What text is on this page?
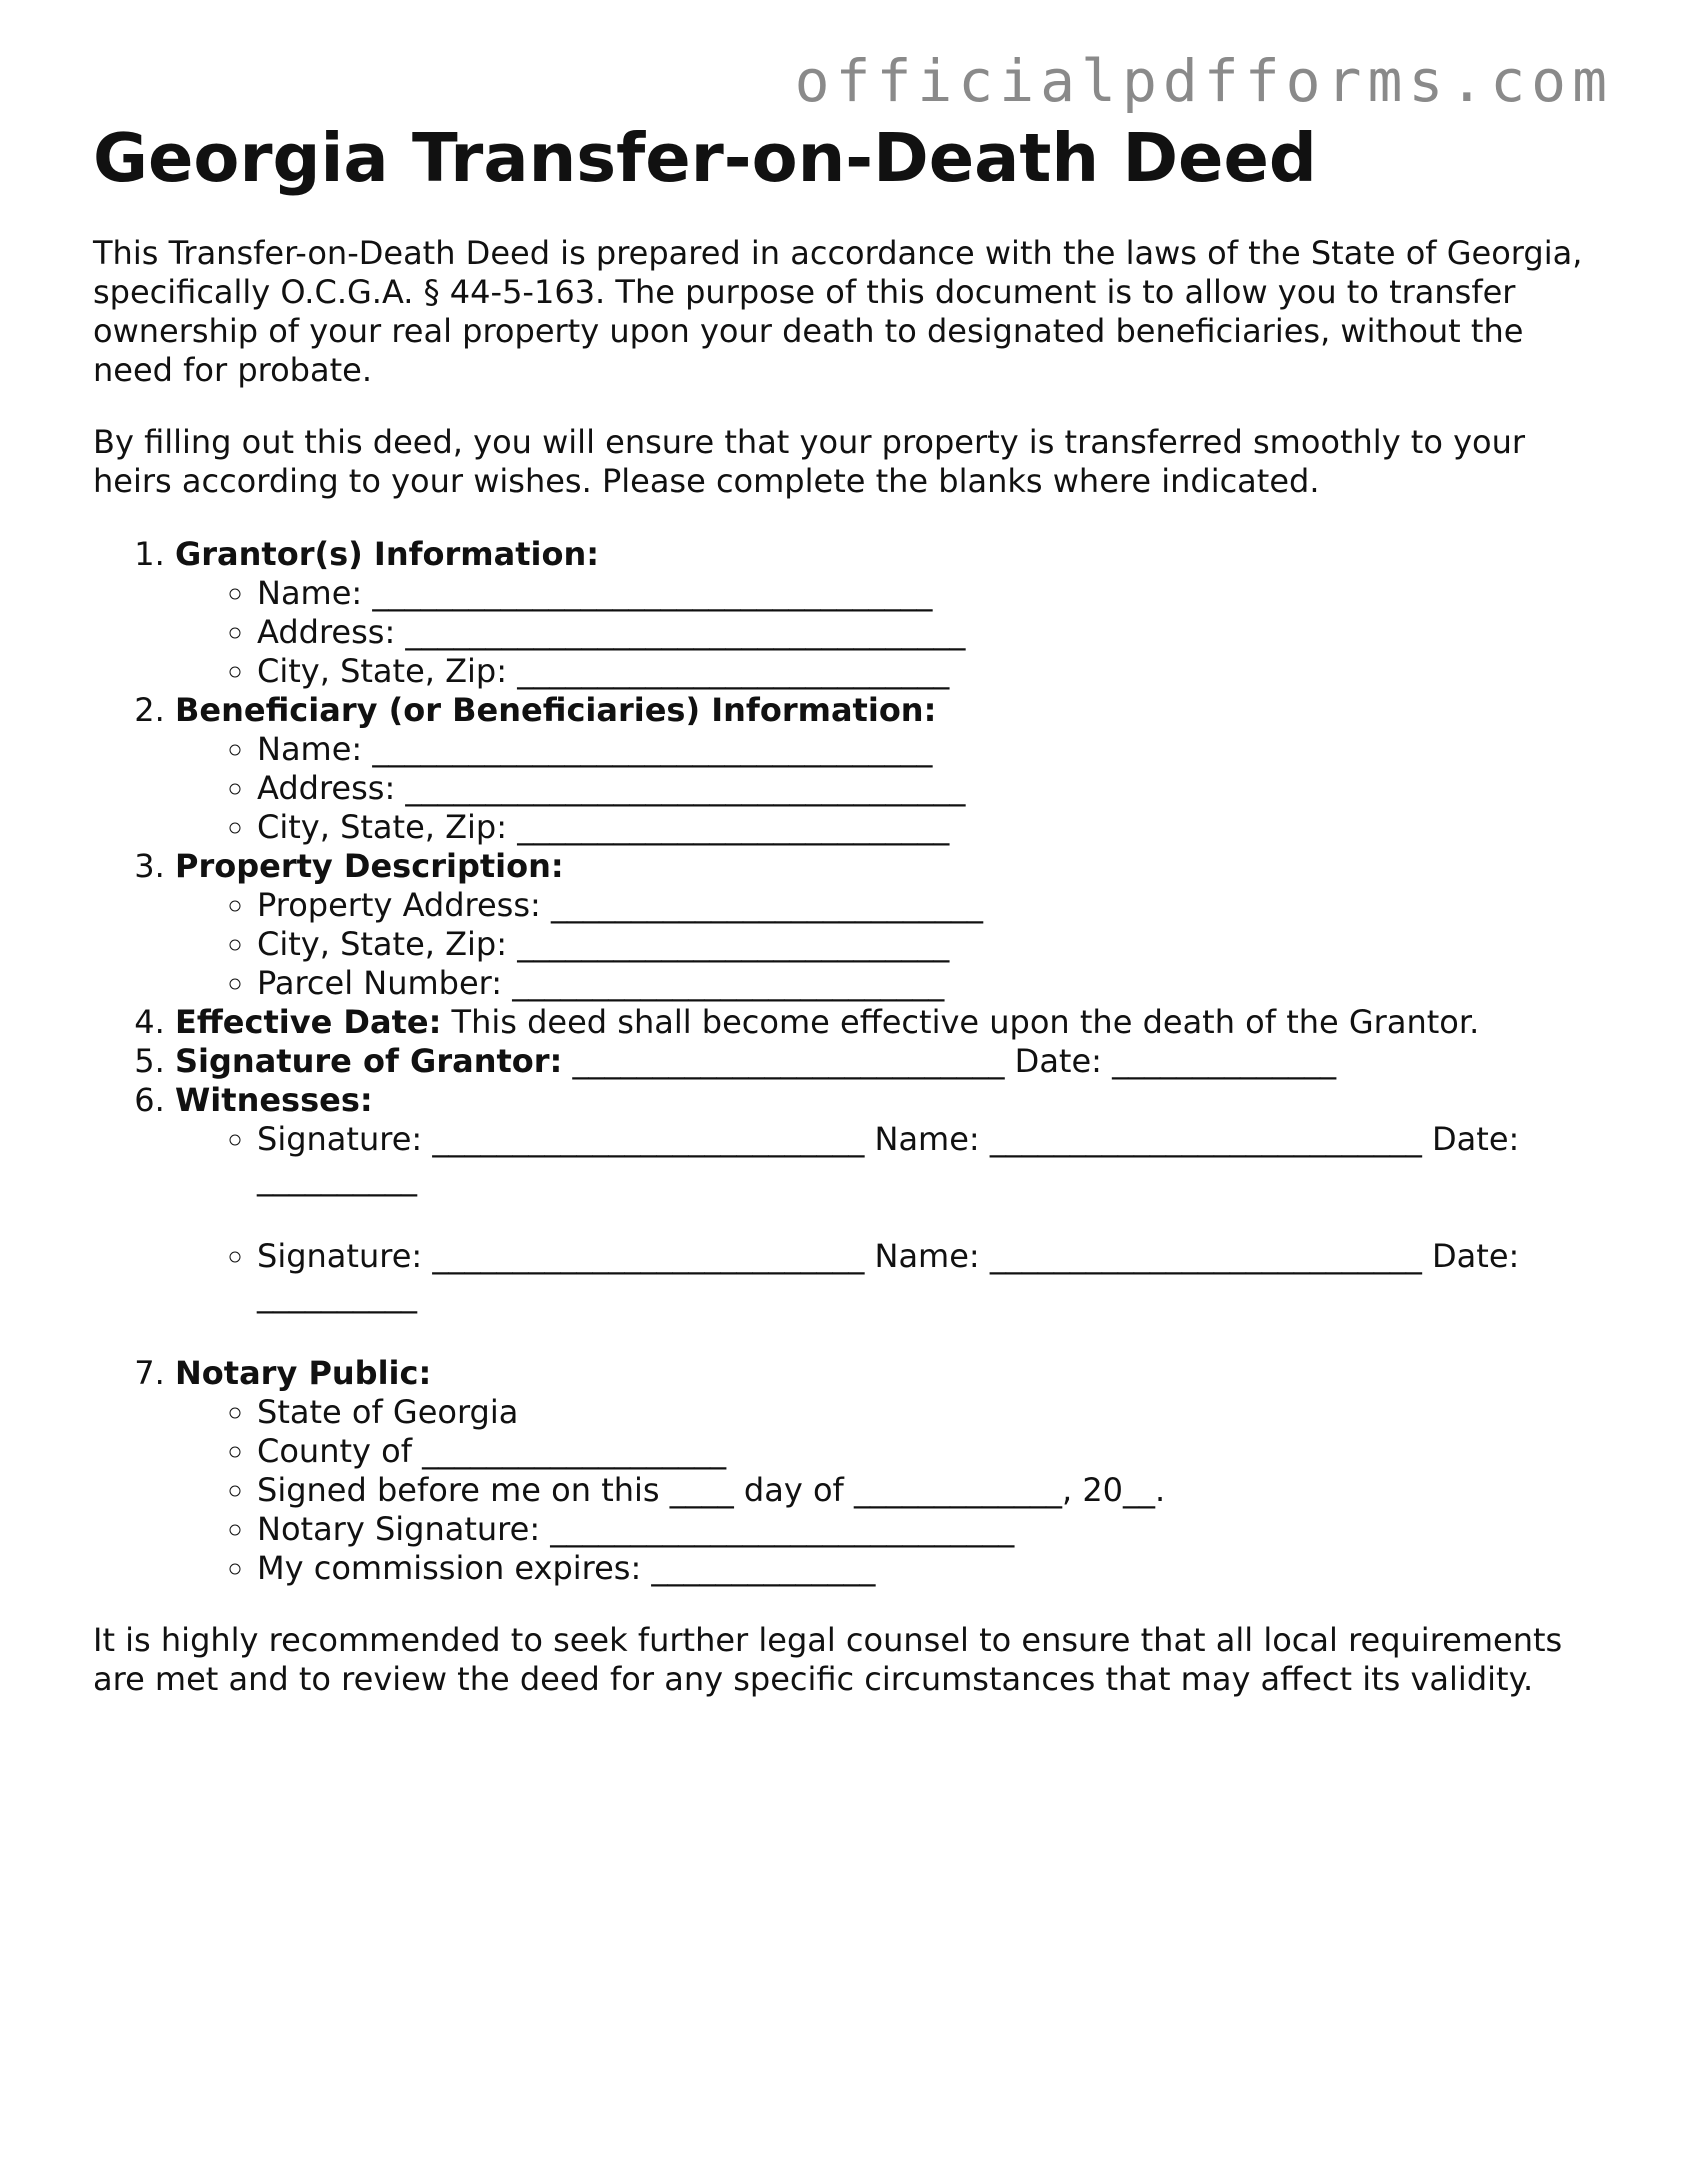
officialpdfforms.com
Georgia Transfer-on-Death Deed

This Transfer-on-Death Deed is prepared in accordance with the laws of the State of Georgia, specifically O.C.G.A. § 44-5-163. The purpose of this document is to allow you to transfer ownership of your real property upon your death to designated beneficiaries, without the need for probate.

By filling out this deed, you will ensure that your property is transferred smoothly to your heirs according to your wishes. Please complete the blanks where indicated.

1. Grantor(s) Information:
◦ Name: ___________________________________
◦ Address: ___________________________________
◦ City, State, Zip: ___________________________
2. Beneficiary (or Beneficiaries) Information:
◦ Name: ___________________________________
◦ Address: ___________________________________
◦ City, State, Zip: ___________________________
3. Property Description:
◦ Property Address: ___________________________
◦ City, State, Zip: ___________________________
◦ Parcel Number: ___________________________
4. Effective Date: This deed shall become effective upon the death of the Grantor.
5. Signature of Grantor: ___________________________ Date: ______________
6. Witnesses:
◦ Signature: ___________________________ Name: ___________________________ Date: __________
◦ Signature: ___________________________ Name: ___________________________ Date: __________
7. Notary Public:
◦ State of Georgia
◦ County of ___________________
◦ Signed before me on this ____ day of _____________, 20__.
◦ Notary Signature: _____________________________
◦ My commission expires: ______________

It is highly recommended to seek further legal counsel to ensure that all local requirements are met and to review the deed for any specific circumstances that may affect its validity.
